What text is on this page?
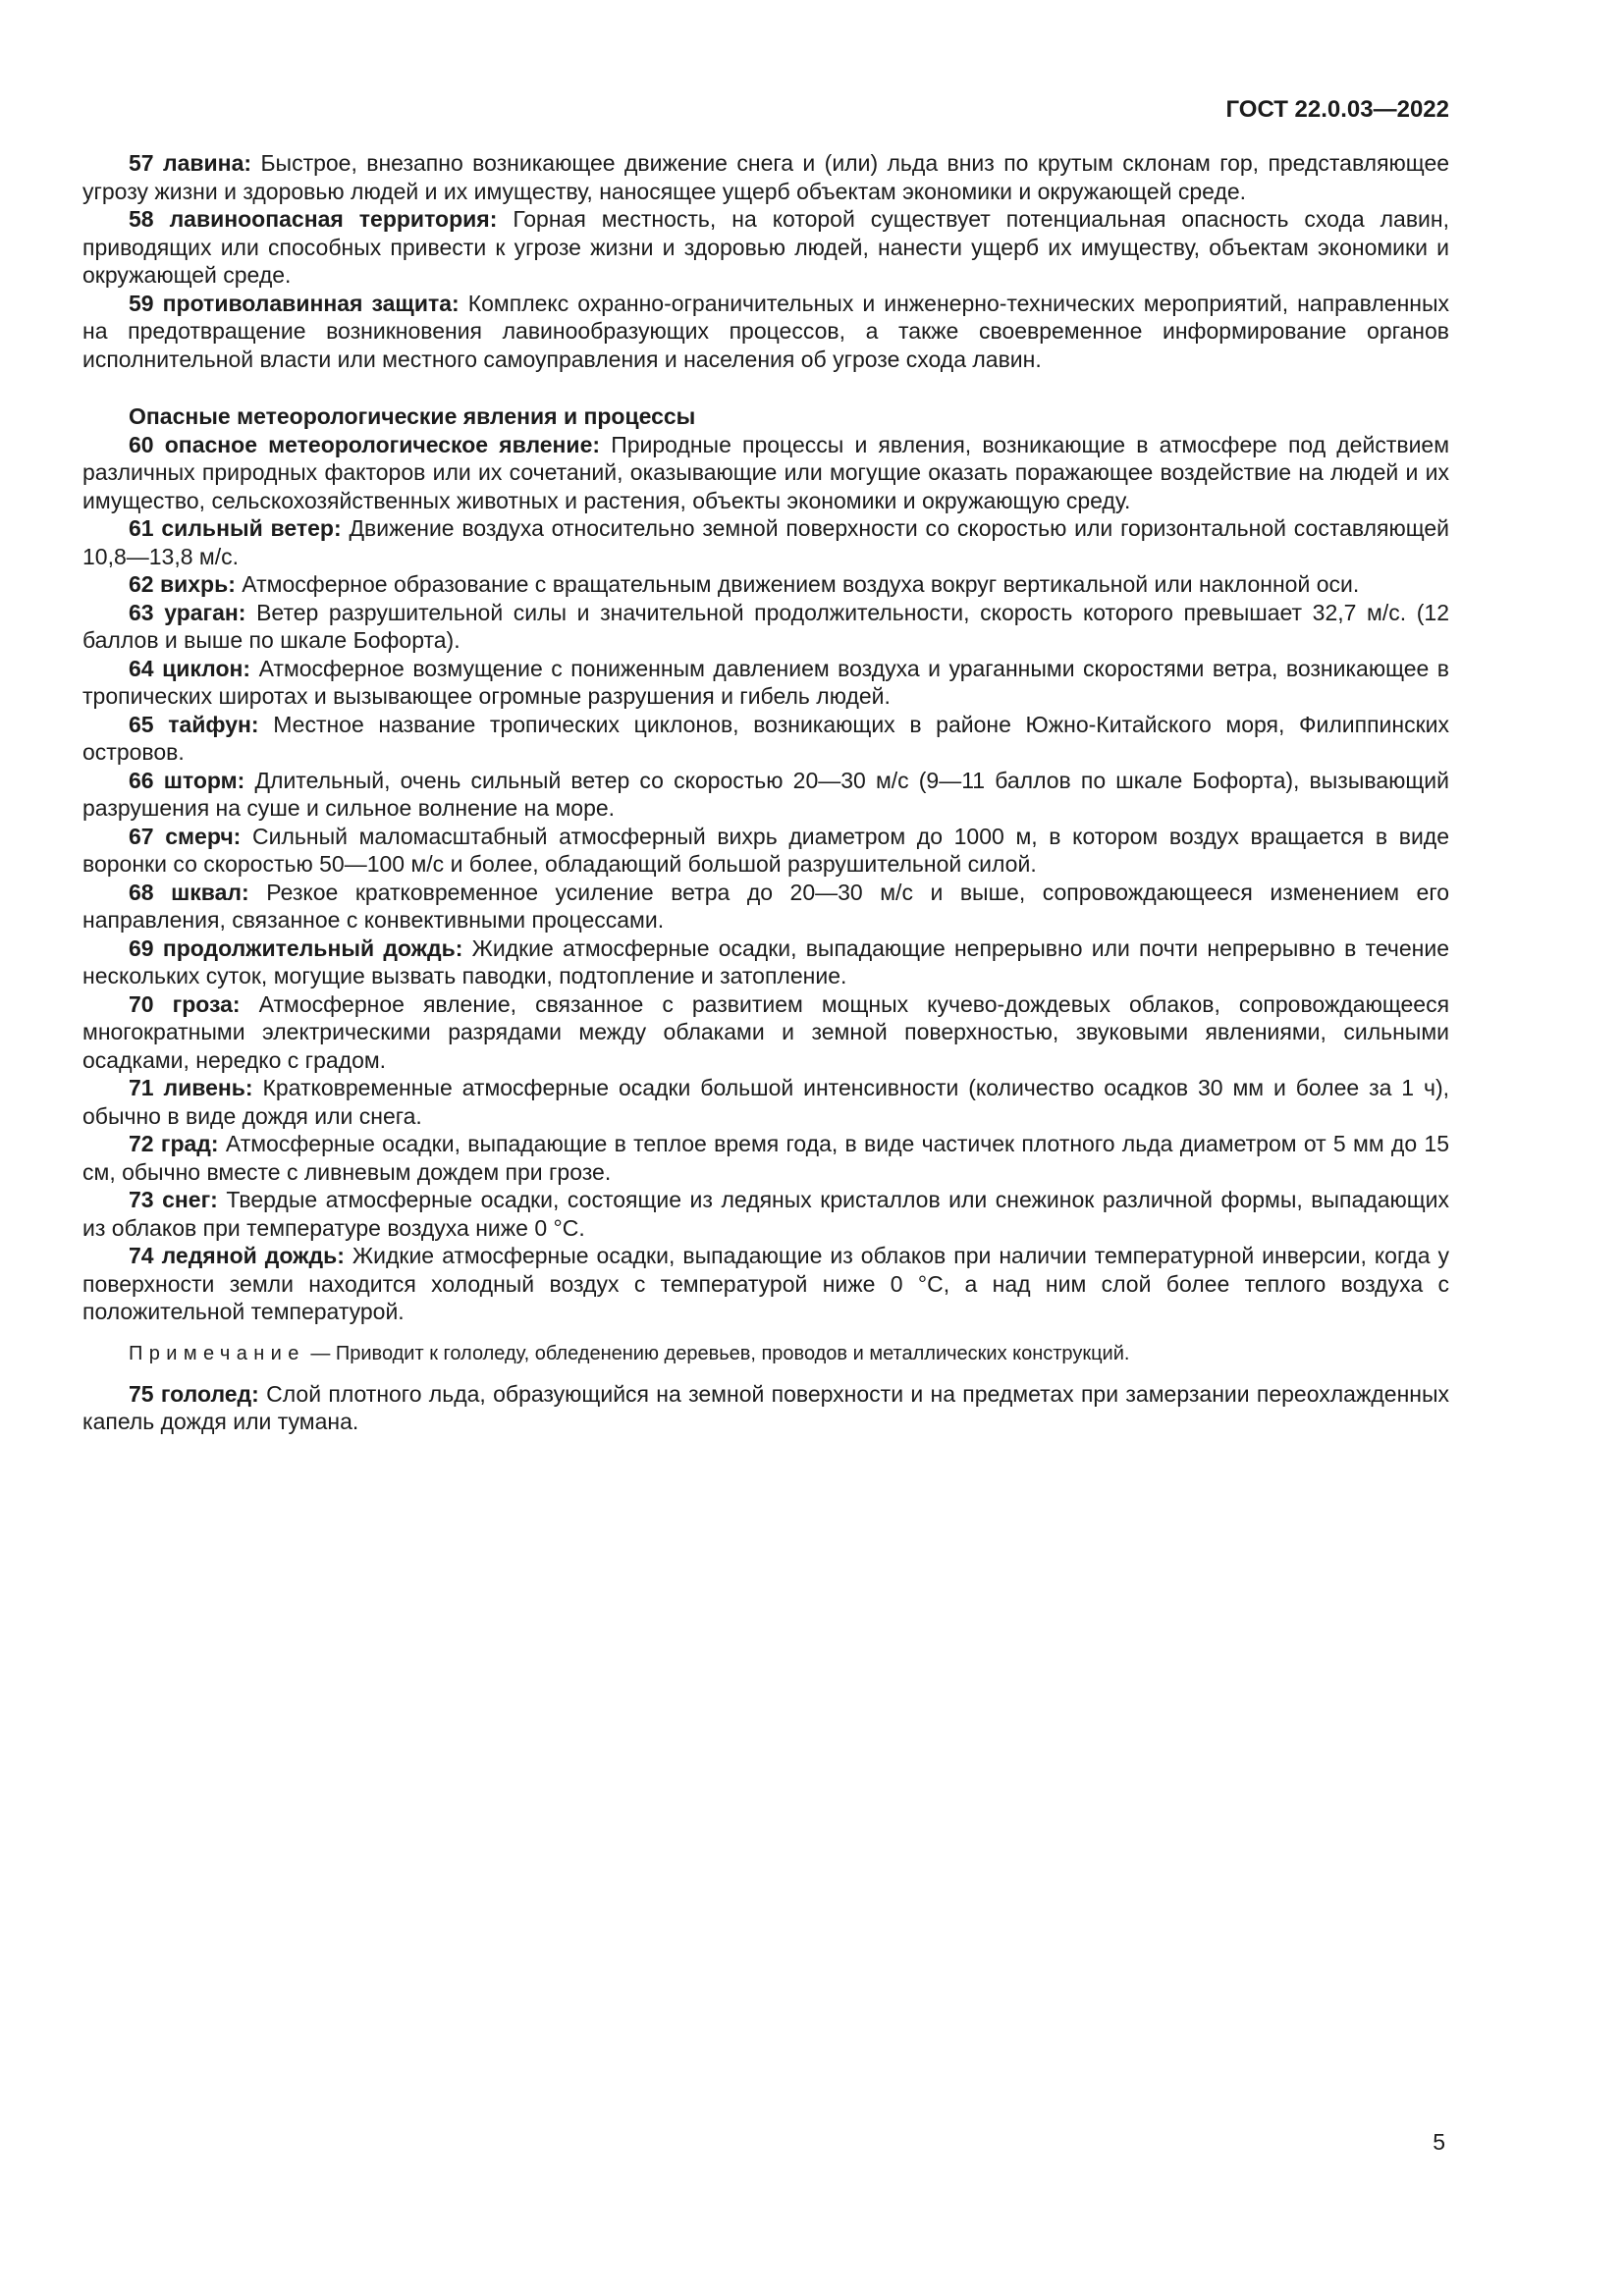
ГОСТ 22.0.03—2022

57 лавина: Быстрое, внезапно возникающее движение снега и (или) льда вниз по крутым склонам гор, представляющее угрозу жизни и здоровью людей и их имуществу, наносящее ущерб объектам экономики и окружающей среде.

58 лавиноопасная территория: Горная местность, на которой существует потенциальная опасность схода лавин, приводящих или способных привести к угрозе жизни и здоровью людей, нанести ущерб их имуществу, объектам экономики и окружающей среде.

59 противолавинная защита: Комплекс охранно-ограничительных и инженерно-технических мероприятий, направленных на предотвращение возникновения лавинообразующих процессов, а также своевременное информирование органов исполнительной власти или местного самоуправления и населения об угрозе схода лавин.

Опасные метеорологические явления и процессы

60 опасное метеорологическое явление: Природные процессы и явления, возникающие в атмосфере под действием различных природных факторов или их сочетаний, оказывающие или могущие оказать поражающее воздействие на людей и их имущество, сельскохозяйственных животных и растения, объекты экономики и окружающую среду.

61 сильный ветер: Движение воздуха относительно земной поверхности со скоростью или горизонтальной составляющей 10,8—13,8 м/с.

62 вихрь: Атмосферное образование с вращательным движением воздуха вокруг вертикальной или наклонной оси.

63 ураган: Ветер разрушительной силы и значительной продолжительности, скорость которого превышает 32,7 м/с. (12 баллов и выше по шкале Бофорта).

64 циклон: Атмосферное возмущение с пониженным давлением воздуха и ураганными скоростями ветра, возникающее в тропических широтах и вызывающее огромные разрушения и гибель людей.

65 тайфун: Местное название тропических циклонов, возникающих в районе Южно-Китайского моря, Филиппинских островов.

66 шторм: Длительный, очень сильный ветер со скоростью 20—30 м/с (9—11 баллов по шкале Бофорта), вызывающий разрушения на суше и сильное волнение на море.

67 смерч: Сильный маломасштабный атмосферный вихрь диаметром до 1000 м, в котором воздух вращается в виде воронки со скоростью 50—100 м/с и более, обладающий большой разрушительной силой.

68 шквал: Резкое кратковременное усиление ветра до 20—30 м/с и выше, сопровождающееся изменением его направления, связанное с конвективными процессами.

69 продолжительный дождь: Жидкие атмосферные осадки, выпадающие непрерывно или почти непрерывно в течение нескольких суток, могущие вызвать паводки, подтопление и затопление.

70 гроза: Атмосферное явление, связанное с развитием мощных кучево-дождевых облаков, сопровождающееся многократными электрическими разрядами между облаками и земной поверхностью, звуковыми явлениями, сильными осадками, нередко с градом.

71 ливень: Кратковременные атмосферные осадки большой интенсивности (количество осадков 30 мм и более за 1 ч), обычно в виде дождя или снега.

72 град: Атмосферные осадки, выпадающие в теплое время года, в виде частичек плотного льда диаметром от 5 мм до 15 см, обычно вместе с ливневым дождем при грозе.

73 снег: Твердые атмосферные осадки, состоящие из ледяных кристаллов или снежинок различной формы, выпадающих из облаков при температуре воздуха ниже 0 °С.

74 ледяной дождь: Жидкие атмосферные осадки, выпадающие из облаков при наличии температурной инверсии, когда у поверхности земли находится холодный воздух с температурой ниже 0 °С, а над ним слой более теплого воздуха с положительной температурой.

Примечание — Приводит к гололеду, обледенению деревьев, проводов и металлических конструкций.

75 гололед: Слой плотного льда, образующийся на земной поверхности и на предметах при замерзании переохлажденных капель дождя или тумана.

5
